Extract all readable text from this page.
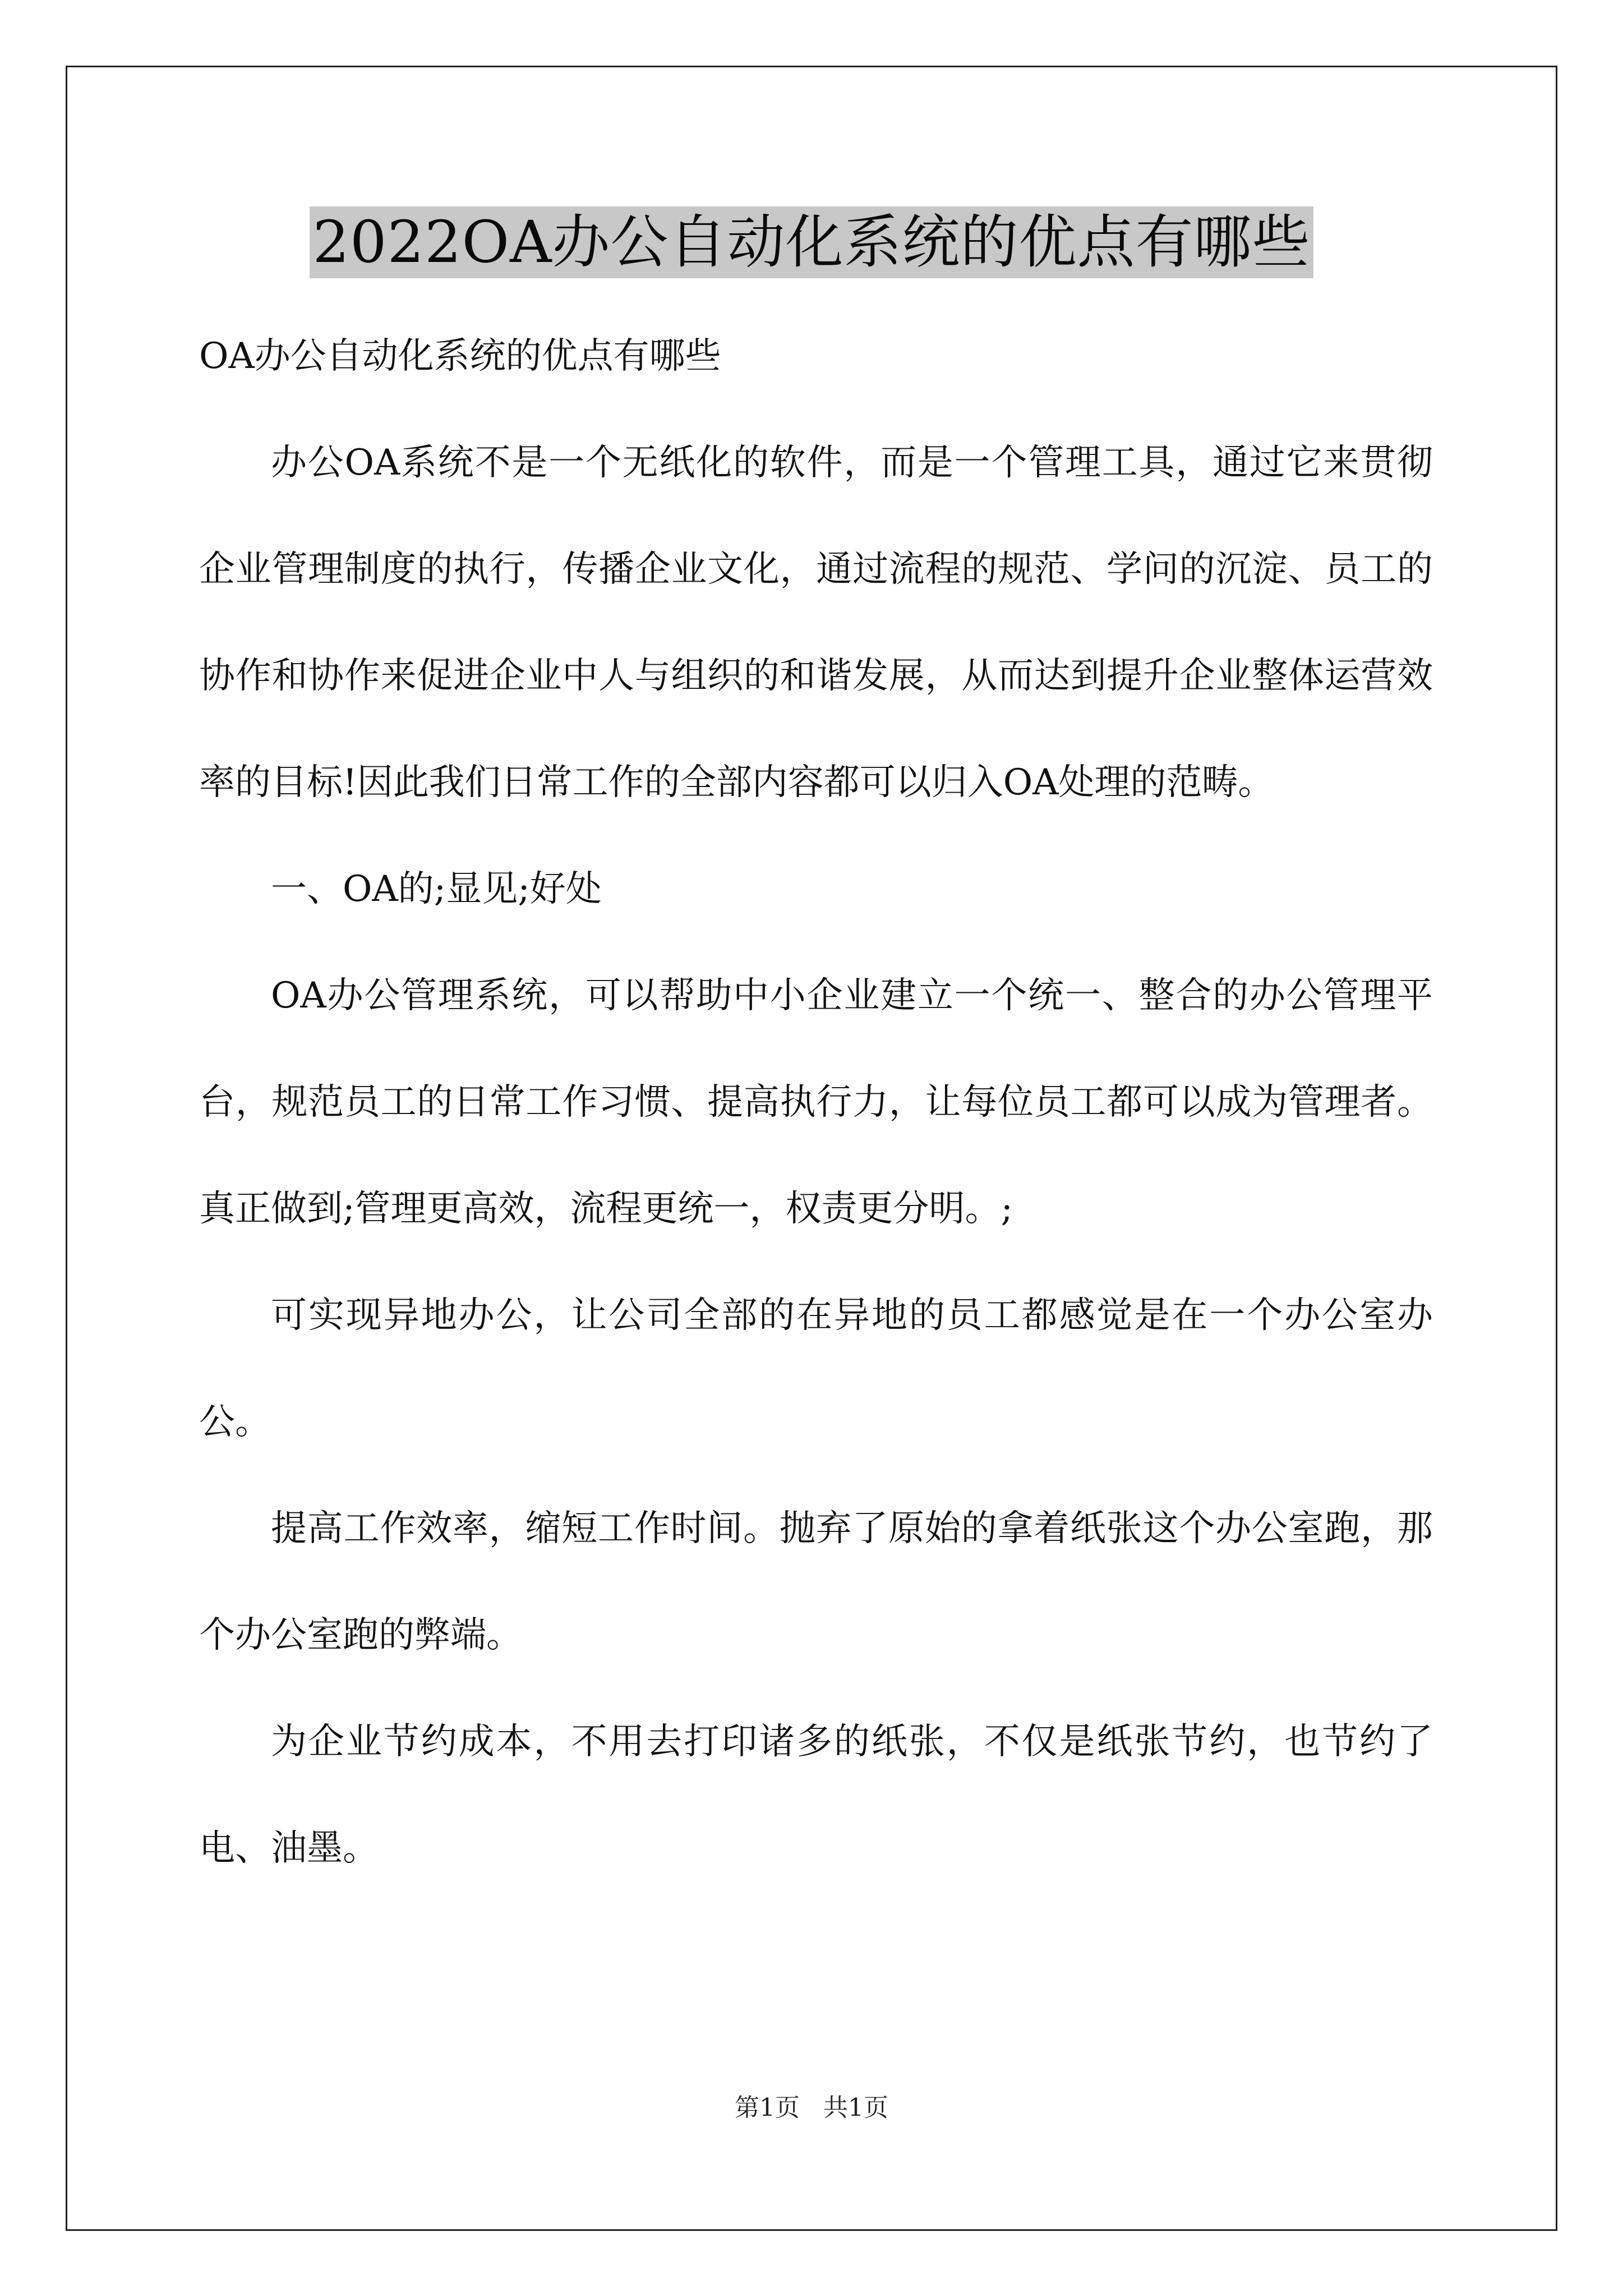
2022OA办公自动化系统的优点有哪些

OA办公自动化系统的优点有哪些

办公OA系统不是一个无纸化的软件，而是一个管理工具，通过它来贯彻企业管理制度的执行，传播企业文化，通过流程的规范、学问的沉淀、员工的协作和协作来促进企业中人与组织的和谐发展，从而达到提升企业整体运营效率的目标!因此我们日常工作的全部内容都可以归入OA处理的范畴。

一、OA的;显见;好处

OA办公管理系统，可以帮助中小企业建立一个统一、整合的办公管理平台，规范员工的日常工作习惯、提高执行力，让每位员工都可以成为管理者。真正做到;管理更高效，流程更统一，权责更分明。;

可实现异地办公，让公司全部的在异地的员工都感觉是在一个办公室办公。

提高工作效率，缩短工作时间。抛弃了原始的拿着纸张这个办公室跑，那个办公室跑的弊端。

为企业节约成本，不用去打印诸多的纸张，不仅是纸张节约，也节约了电、油墨。

第1页   共1页
